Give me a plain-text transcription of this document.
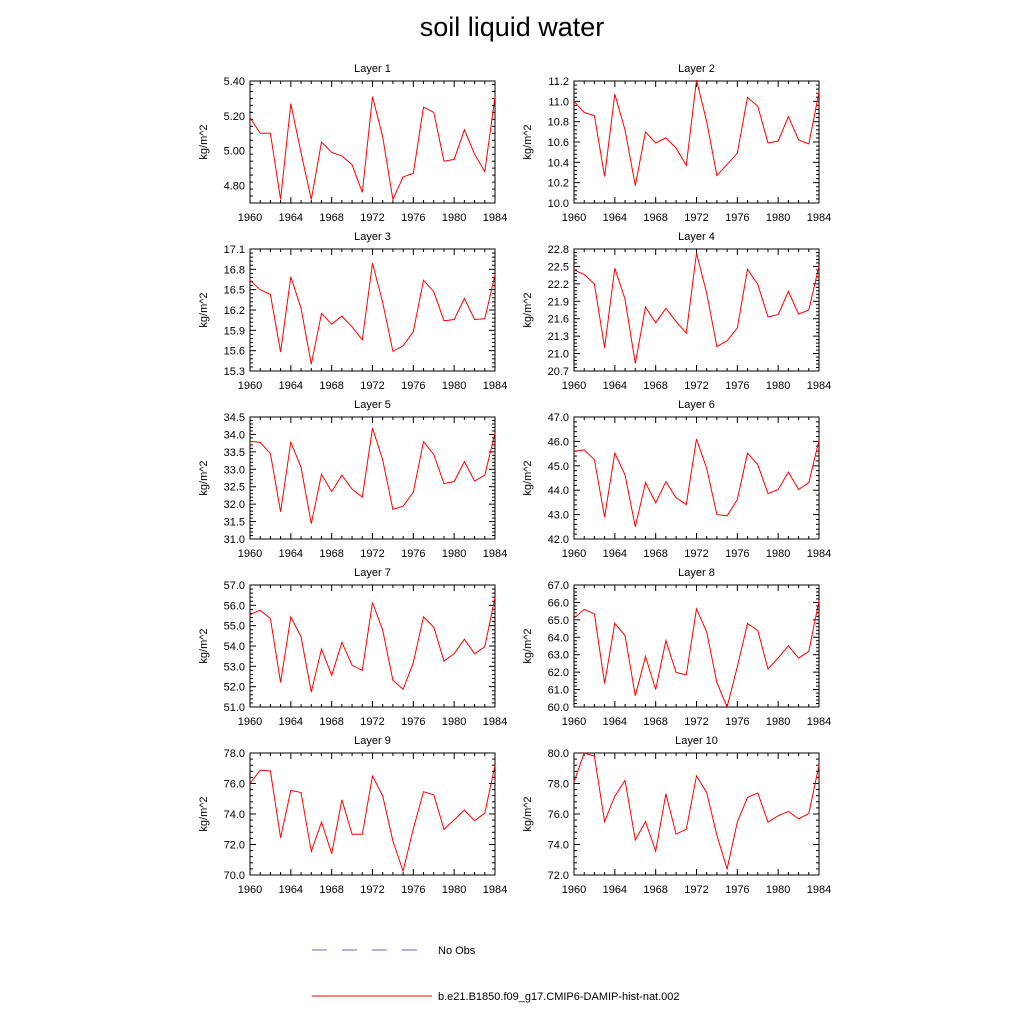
soil liquid water
Layer 1
kg/m^2
1960 1964 1968 1972 1976 1980 1984
4.80
5.00
5.20
5.40
Layer 2
kg/m^2
1960 1964 1968 1972 1976 1980 1984
10.0
10.2
10.4
10.6
10.8
11.0
11.2
Layer 3
kg/m^2
1960 1964 1968 1972 1976 1980 1984
15.3
15.6
15.9
16.2
16.5
16.8
17.1
Layer 4
kg/m^2
1960 1964 1968 1972 1976 1980 1984
20.7
21.0
21.3
21.6
21.9
22.2
22.5
22.8
Layer 5
kg/m^2
1960 1964 1968 1972 1976 1980 1984
31.0
31.5
32.0
32.5
33.0
33.5
34.0
34.5
Layer 6
kg/m^2
1960 1964 1968 1972 1976 1980 1984
42.0
43.0
44.0
45.0
46.0
47.0
Layer 7
kg/m^2
1960 1964 1968 1972 1976 1980 1984
51.0
52.0
53.0
54.0
55.0
56.0
57.0
Layer 8
kg/m^2
1960 1964 1968 1972 1976 1980 1984
60.0
61.0
62.0
63.0
64.0
65.0
66.0
67.0
Layer 9
kg/m^2
1960 1964 1968 1972 1976 1980 1984
70.0
72.0
74.0
76.0
78.0
Layer 10
kg/m^2
1960 1964 1968 1972 1976 1980 1984
72.0
74.0
76.0
78.0
80.0
No Obs
b.e21.B1850.f09_g17.CMIP6-DAMIP-hist-nat.002
